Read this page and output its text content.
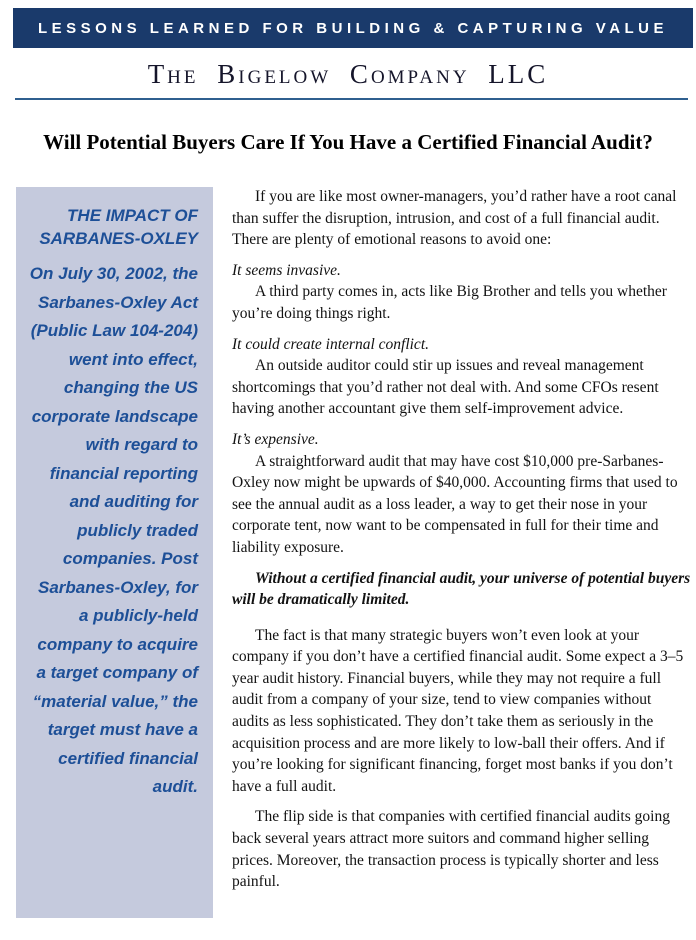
LESSONS LEARNED FOR BUILDING & CAPTURING VALUE
The Bigelow Company LLC
Will Potential Buyers Care If You Have a Certified Financial Audit?

THE IMPACT OF SARBANES-OXLEY

On July 30, 2002, the Sarbanes-Oxley Act (Public Law 104-204) went into effect, changing the US corporate landscape with regard to financial reporting and auditing for publicly traded companies. Post Sarbanes-Oxley, for a publicly-held company to acquire a target company of “material value,” the target must have a certified financial audit.

If you are like most owner-managers, you’d rather have a root canal than suffer the disruption, intrusion, and cost of a full financial audit. There are plenty of emotional reasons to avoid one:

It seems invasive.

A third party comes in, acts like Big Brother and tells you whether you’re doing things right.

It could create internal conflict.

An outside auditor could stir up issues and reveal management shortcomings that you’d rather not deal with. And some CFOs resent having another accountant give them self-improvement advice.

It’s expensive.

A straightforward audit that may have cost $10,000 pre-Sarbanes-Oxley now might be upwards of $40,000. Accounting firms that used to see the annual audit as a loss leader, a way to get their nose in your corporate tent, now want to be compensated in full for their time and liability exposure.

Without a certified financial audit, your universe of potential buyers will be dramatically limited.

The fact is that many strategic buyers won’t even look at your company if you don’t have a certified financial audit. Some expect a 3–5 year audit history. Financial buyers, while they may not require a full audit from a company of your size, tend to view companies without audits as less sophisticated. They don’t take them as seriously in the acquisition process and are more likely to low-ball their offers. And if you’re looking for significant financing, forget most banks if you don’t have a full audit.

The flip side is that companies with certified financial audits going back several years attract more suitors and command higher selling prices. Moreover, the transaction process is typically shorter and less painful.
